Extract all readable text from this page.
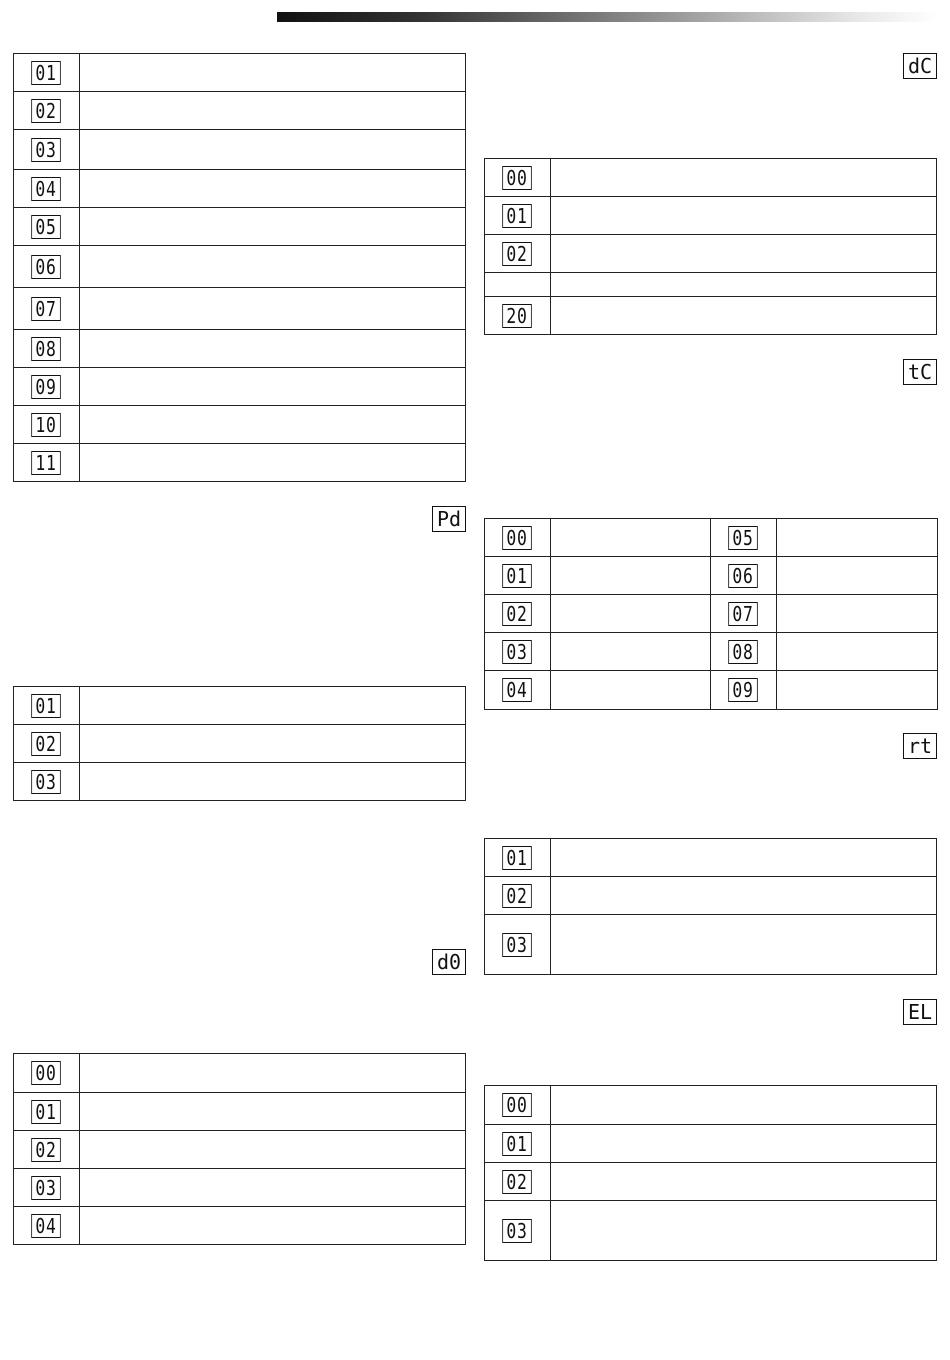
01	
02	
03	
04	
05	
06	
07	
08	
09	
10	
11	
Pd
01	
02	
03	
d0
00	
01	
02	
03	
04	
dC
00	
01	
02	

20	
tC
00		05	
01		06	
02		07	
03		08	
04		09	
rt
01	
02	
03	
EL
00	
01	
02	
03	
